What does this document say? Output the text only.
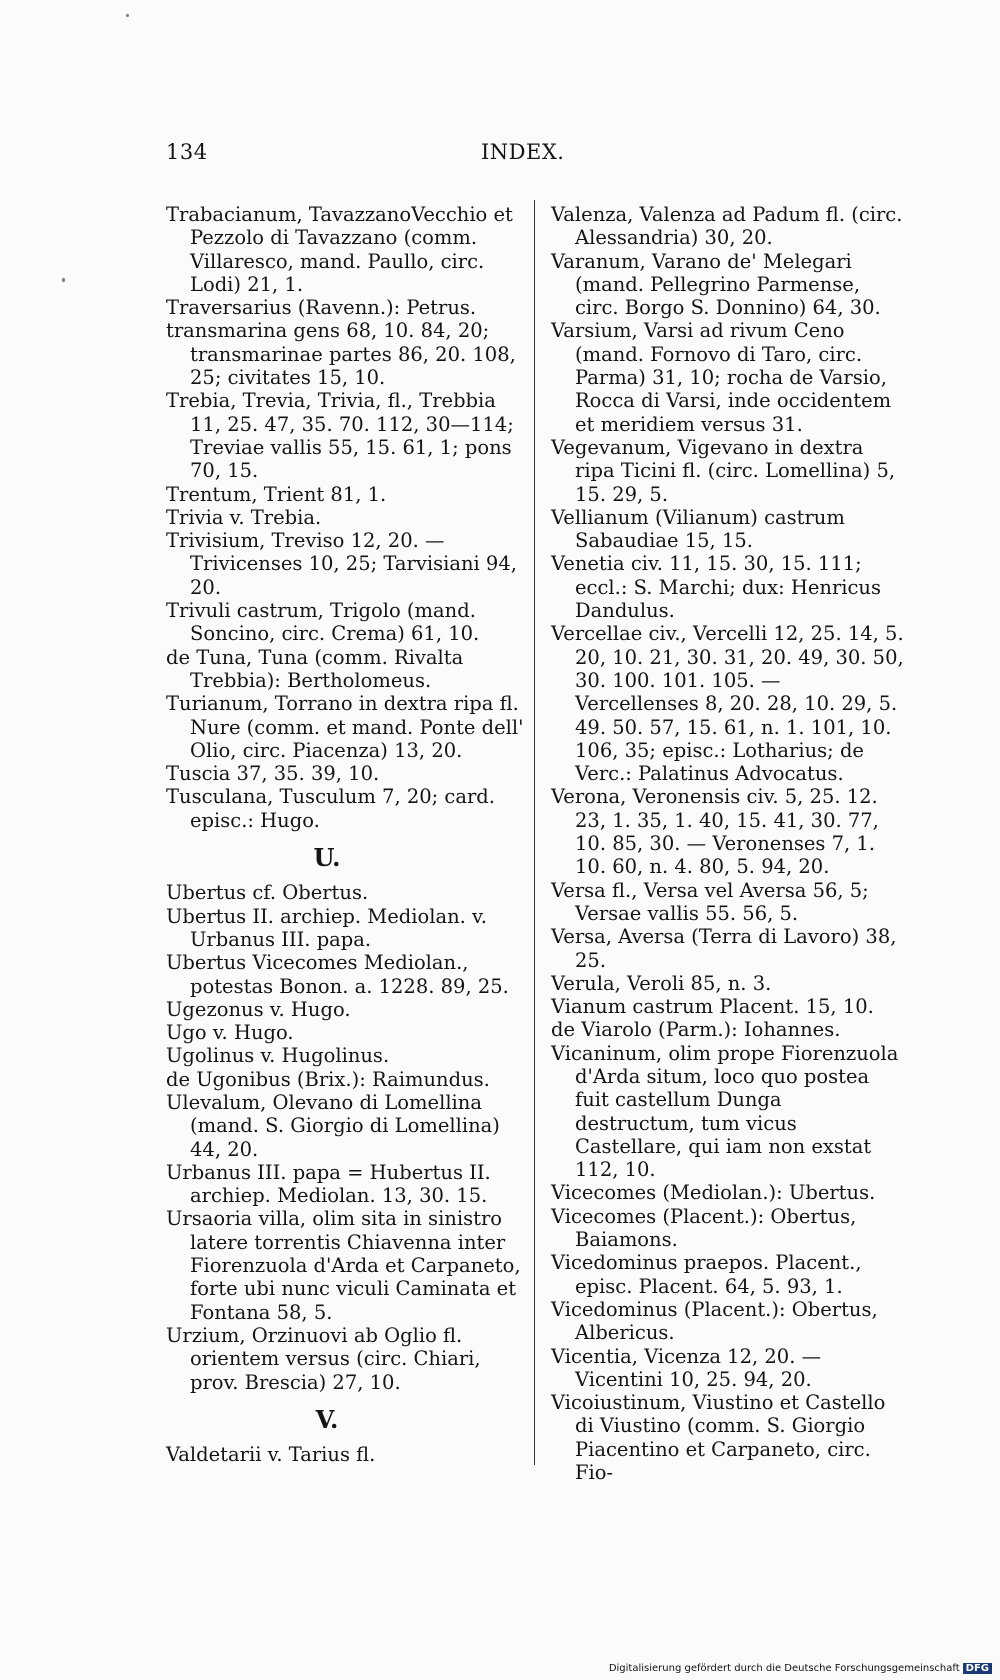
134	INDEX.

Trabacianum, TavazzanoVecchio et Pezzolo di Tavazzano (comm. Villaresco, mand. Paullo, circ. Lodi) 21, 1.

Traversarius (Ravenn.): Petrus.

transmarina gens 68, 10. 84, 20; transmarinae partes 86, 20. 108, 25; civitates 15, 10.

Trebia, Trevia, Trivia, fl., Trebbia 11, 25. 47, 35. 70. 112, 30—114; Treviae vallis 55, 15. 61, 1; pons 70, 15.

Trentum, Trient 81, 1.

Trivia v. Trebia.

Trivisium, Treviso 12, 20. — Trivicenses 10, 25; Tarvisiani 94, 20.

Trivuli castrum, Trigolo (mand. Soncino, circ. Crema) 61, 10.

de Tuna, Tuna (comm. Rivalta Trebbia): Bertholomeus.

Turianum, Torrano in dextra ripa fl. Nure (comm. et mand. Ponte dell' Olio, circ. Piacenza) 13, 20.

Tuscia 37, 35. 39, 10.

Tusculana, Tusculum 7, 20; card. episc.: Hugo.

U.

Ubertus cf. Obertus.

Ubertus II. archiep. Mediolan. v. Urbanus III. papa.

Ubertus Vicecomes Mediolan., potestas Bonon. a. 1228. 89, 25.

Ugezonus v. Hugo.

Ugo v. Hugo.

Ugolinus v. Hugolinus.

de Ugonibus (Brix.): Raimundus.

Ulevalum, Olevano di Lomellina (mand. S. Giorgio di Lomellina) 44, 20.

Urbanus III. papa = Hubertus II. archiep. Mediolan. 13, 30. 15.

Ursaoria villa, olim sita in sinistro latere torrentis Chiavenna inter Fiorenzuola d'Arda et Carpaneto, forte ubi nunc viculi Caminata et Fontana 58, 5.

Urzium, Orzinuovi ab Oglio fl. orientem versus (circ. Chiari, prov. Brescia) 27, 10.

V.

Valdetarii v. Tarius fl.

Valenza, Valenza ad Padum fl. (circ. Alessandria) 30, 20.

Varanum, Varano de' Melegari (mand. Pellegrino Parmense, circ. Borgo S. Donnino) 64, 30.

Varsium, Varsi ad rivum Ceno (mand. Fornovo di Taro, circ. Parma) 31, 10; rocha de Varsio, Rocca di Varsi, inde occidentem et meridiem versus 31.

Vegevanum, Vigevano in dextra ripa Ticini fl. (circ. Lomellina) 5, 15. 29, 5.

Vellianum (Vilianum) castrum Sabaudiae 15, 15.

Venetia civ. 11, 15. 30, 15. 111; eccl.: S. Marchi; dux: Henricus Dandulus.

Vercellae civ., Vercelli 12, 25. 14, 5. 20, 10. 21, 30. 31, 20. 49, 30. 50, 30. 100. 101. 105. — Vercellenses 8, 20. 28, 10. 29, 5. 49. 50. 57, 15. 61, n. 1. 101, 10. 106, 35; episc.: Lotharius; de Verc.: Palatinus Advocatus.

Verona, Veronensis civ. 5, 25. 12. 23, 1. 35, 1. 40, 15. 41, 30. 77, 10. 85, 30. — Veronenses 7, 1. 10. 60, n. 4. 80, 5. 94, 20.

Versa fl., Versa vel Aversa 56, 5; Versae vallis 55. 56, 5.

Versa, Aversa (Terra di Lavoro) 38, 25.

Verula, Veroli 85, n. 3.

Vianum castrum Placent. 15, 10.

de Viarolo (Parm.): Iohannes.

Vicaninum, olim prope Fiorenzuola d'Arda situm, loco quo postea fuit castellum Dunga destructum, tum vicus Castellare, qui iam non exstat 112, 10.

Vicecomes (Mediolan.): Ubertus.

Vicecomes (Placent.): Obertus, Baiamons.

Vicedominus praepos. Placent., episc. Placent. 64, 5. 93, 1.

Vicedominus (Placent.): Obertus, Albericus.

Vicentia, Vicenza 12, 20. — Vicentini 10, 25. 94, 20.

Vicoiustinum, Viustino et Castello di Viustino (comm. S. Giorgio Piacentino et Carpaneto, circ. Fio-

Digitalisierung gefördert durch die Deutsche Forschungsgemeinschaft DFG
